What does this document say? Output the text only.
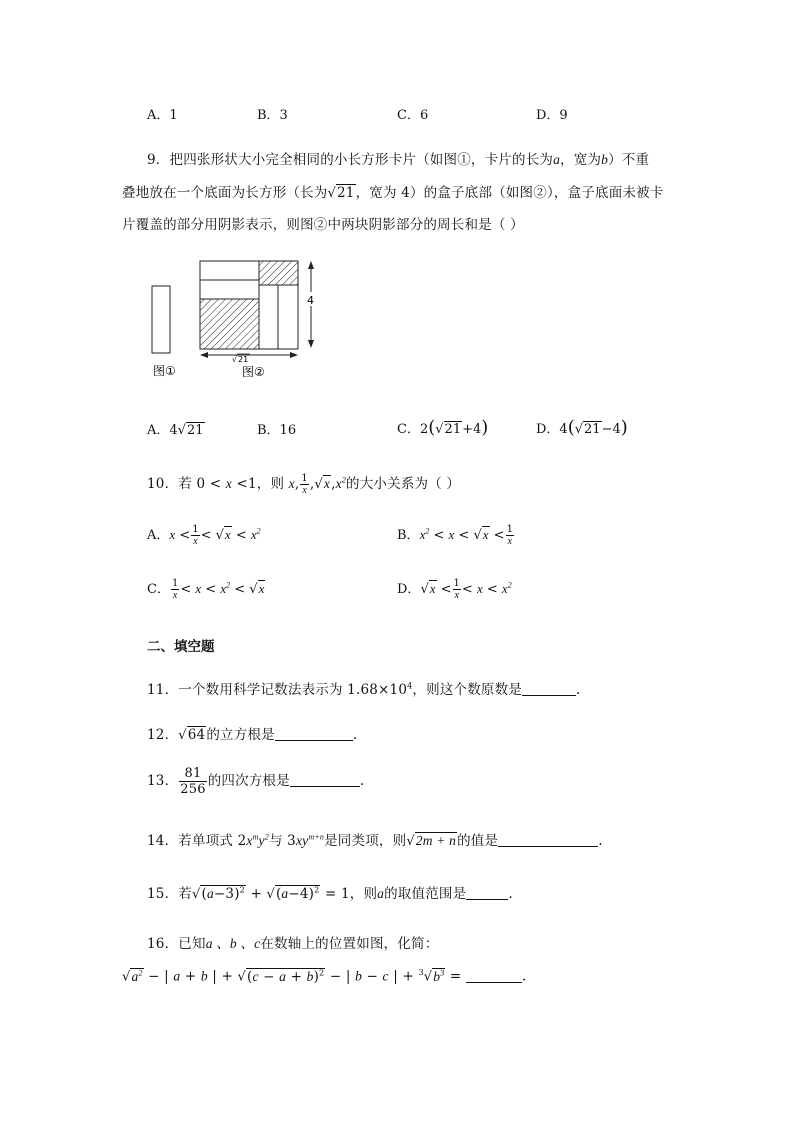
A．1	B．3	C．6	D．9
9．把四张形状大小完全相同的小长方形卡片（如图①，卡片的长为a，宽为b）不重
叠地放在一个底面为长方形（长为√21，宽为 4）的盒子底部（如图②），盒子底面未被卡
片覆盖的部分用阴影表示，则图②中两块阴影部分的周长和是（ ）
4
√ 21
图①	图②
A．4√21	B．16	C．2(√21+4)	D．4(√21−4)
10．若 0 < x <1，则 x, $\frac{1}{x} ,√x,x^2$的大小关系为（ ）
A．$x < \frac{1}{x} < √x < x^2$	B．$x^2 < x < √x < \frac{1}{x}$
C． $\frac{1}{x} < x < x^2 < √x$	D．$√x < \frac{1}{x} < x < x^2$
二、填空题
11．一个数用科学记数法表示为 $1.68\times 10^4$，则这个数原数是	.
12．√64的立方根是	.
13． $\frac{81}{256}$ 的四次方根是	.
14．若单项式 $2x^my^2$与 $3xy^{m+n}$是同类项，则√2m + n的值是	.
15．若$√(a-3)^2 + √(a-4)^2 = 1$，则a的取值范围是	.
16．已知a 、b 、c在数轴上的位置如图，化简：
$√a^2$ − | a + b | + $√(c - a + b)^2$ − | b − c | + $^3√b^3$ =	.
